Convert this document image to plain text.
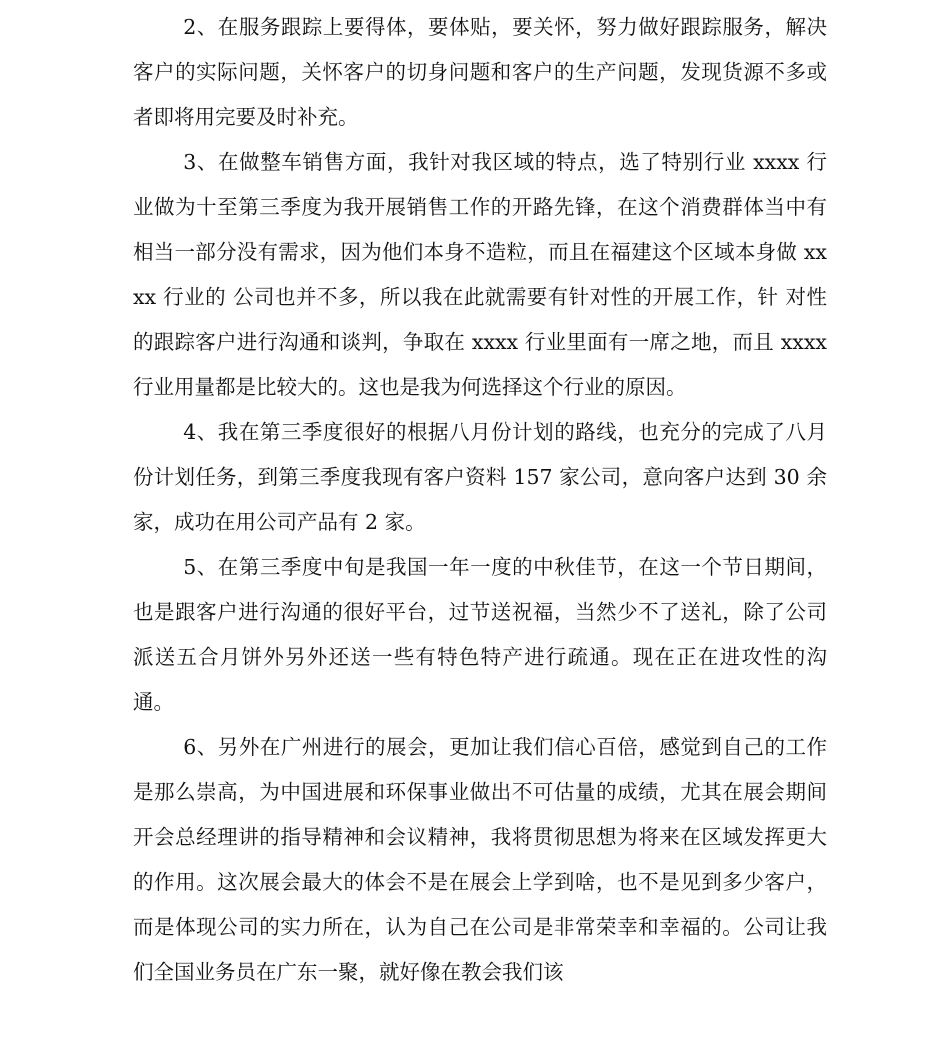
2、在服务跟踪上要得体，要体贴，要关怀，努力做好跟踪服务，解决客户的实际问题，关怀客户的切身问题和客户的生产问题，发现货源不多或者即将用完要及时补充。

3、在做整车销售方面，我针对我区域的特点，选了特别行业 xxxx 行业做为十至第三季度为我开展销售工作的开路先锋，在这个消费群体当中有相当一部分没有需求，因为他们本身不造粒，而且在福建这个区域本身做 xxxx 行业的 公司也并不多，所以我在此就需要有针对性的开展工作，针 对性的跟踪客户进行沟通和谈判，争取在 xxxx 行业里面有一席之地，而且 xxxx 行业用量都是比较大的。这也是我为何选择这个行业的原因。

4、我在第三季度很好的根据八月份计划的路线，也充分的完成了八月份计划任务，到第三季度我现有客户资料 157 家公司，意向客户达到 30 余家，成功在用公司产品有 2 家。

5、在第三季度中旬是我国一年一度的中秋佳节，在这一个节日期间，也是跟客户进行沟通的很好平台，过节送祝福，当然少不了送礼，除了公司派送五合月饼外另外还送一些有特色特产进行疏通。现在正在进攻性的沟通。

6、另外在广州进行的展会，更加让我们信心百倍，感觉到自己的工作是那么崇高，为中国进展和环保事业做出不可估量的成绩，尤其在展会期间开会总经理讲的指导精神和会议精神，我将贯彻思想为将来在区域发挥更大的作用。这次展会最大的体会不是在展会上学到啥，也不是见到多少客户，而是体现公司的实力所在，认为自己在公司是非常荣幸和幸福的。公司让我们全国业务员在广东一聚，就好像在教会我们该
